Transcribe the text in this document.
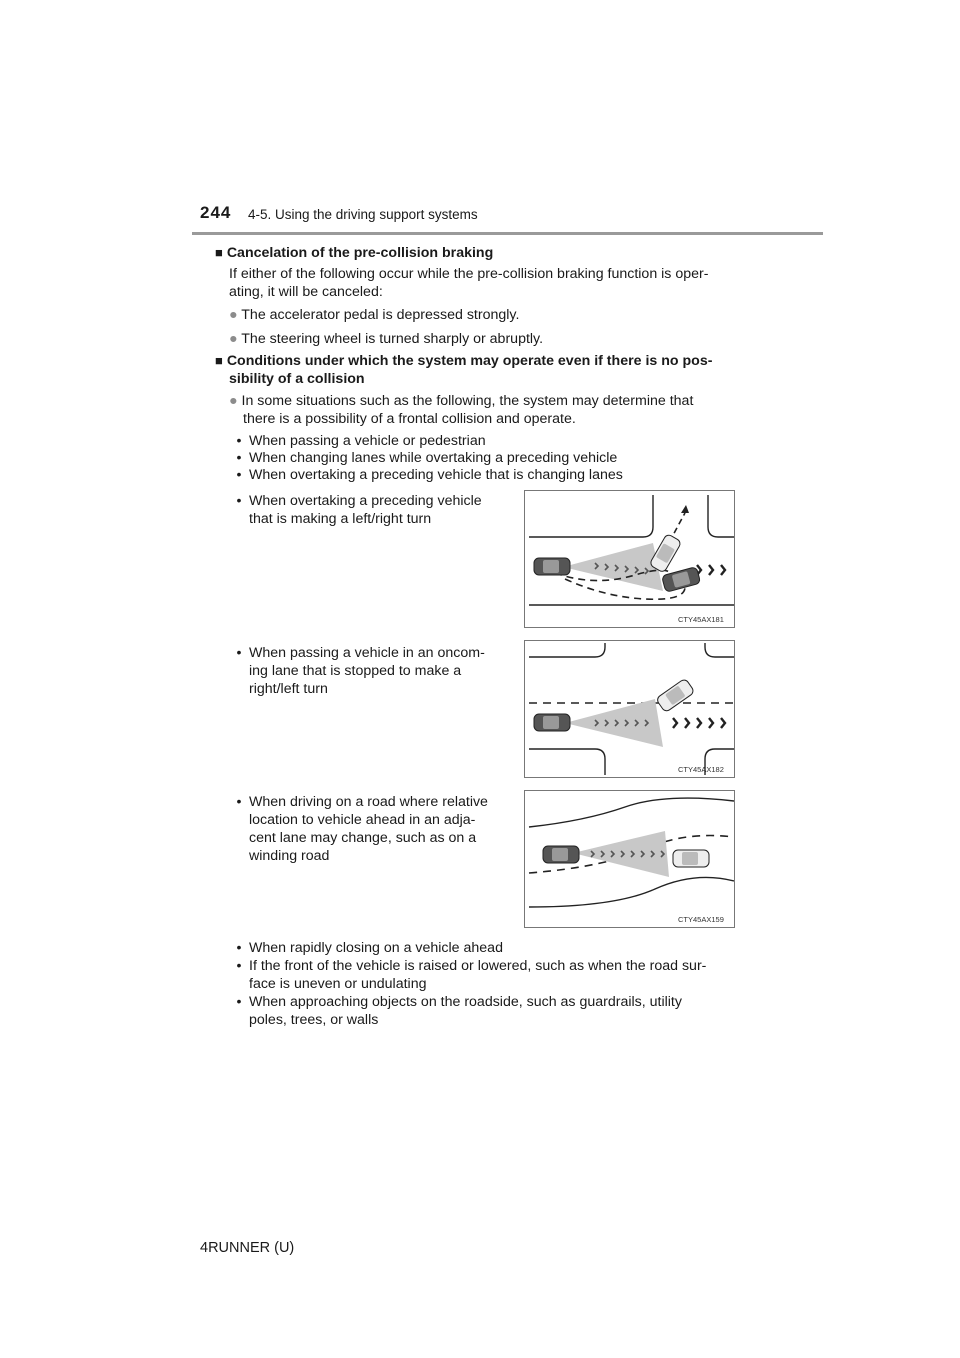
244 4-5. Using the driving support systems
■ Cancelation of the pre-collision braking
If either of the following occur while the pre-collision braking function is oper-
ating, it will be canceled:
● The accelerator pedal is depressed strongly.
● The steering wheel is turned sharply or abruptly.
■ Conditions under which the system may operate even if there is no pos-
sibility of a collision
● In some situations such as the following, the system may determine that
there is a possibility of a frontal collision and operate.
• When passing a vehicle or pedestrian
• When changing lanes while overtaking a preceding vehicle
• When overtaking a preceding vehicle that is changing lanes
• When overtaking a preceding vehicle
that is making a left/right turn
CTY45AX181
• When passing a vehicle in an oncom-
ing lane that is stopped to make a
right/left turn
CTY45AX182
• When driving on a road where relative
location to vehicle ahead in an adja-
cent lane may change, such as on a
winding road
CTY45AX159
• When rapidly closing on a vehicle ahead
• If the front of the vehicle is raised or lowered, such as when the road sur-
face is uneven or undulating
• When approaching objects on the roadside, such as guardrails, utility
poles, trees, or walls
4RUNNER (U)
